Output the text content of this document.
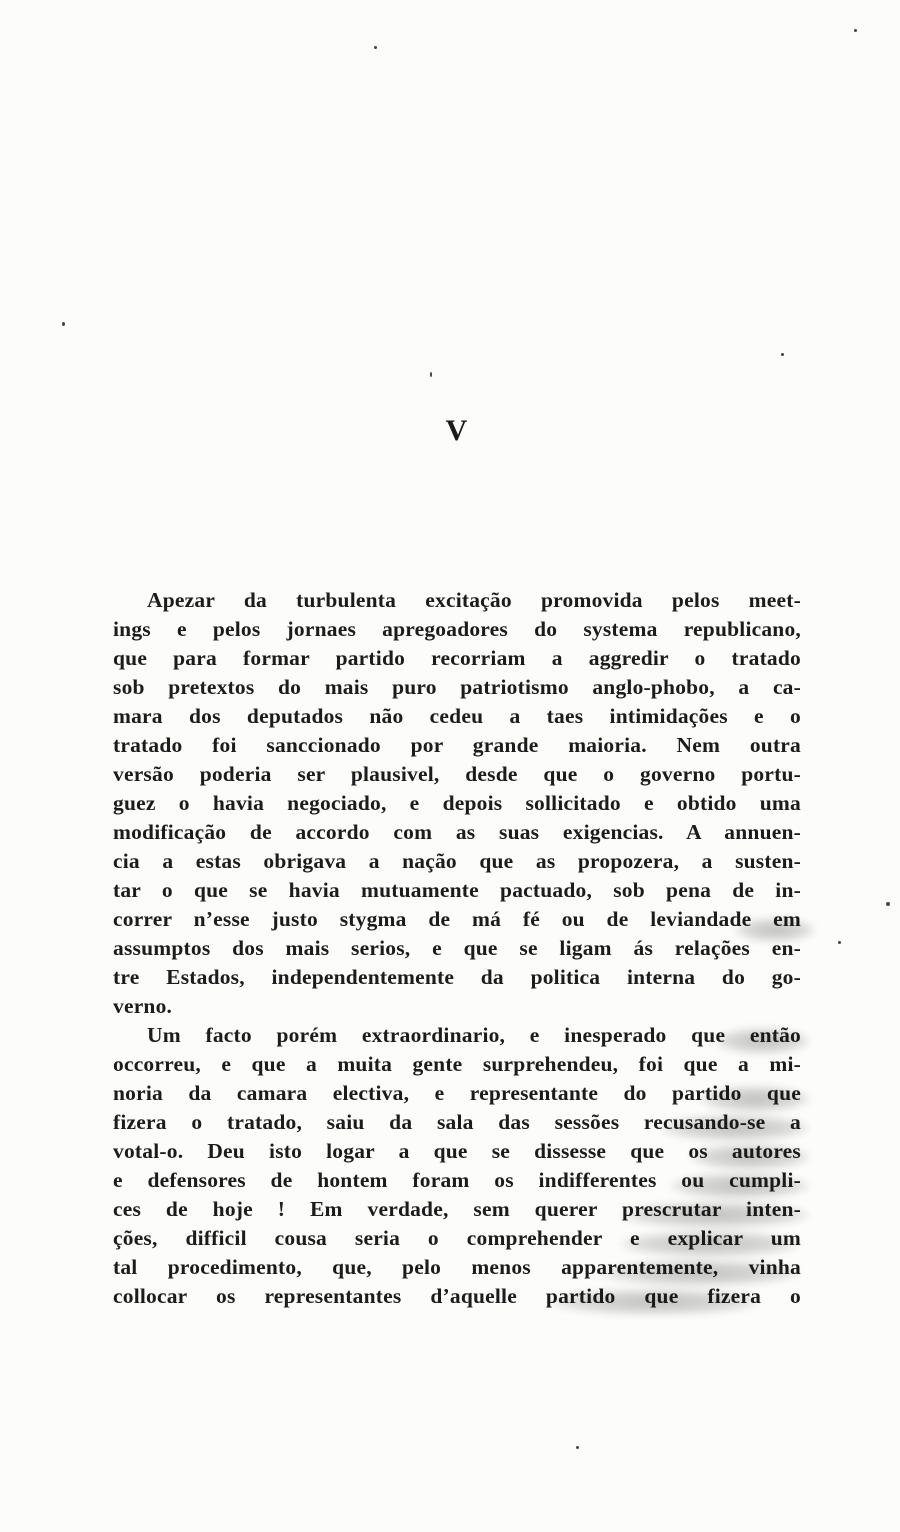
V
Apezar da turbulenta excitação promovida pelos meet-
ings e pelos jornaes apregoadores do systema republicano,
que para formar partido recorriam a aggredir o tratado
sob pretextos do mais puro patriotismo anglo-phobo, a ca-
mara dos deputados não cedeu a taes intimidações e o
tratado foi sanccionado por grande maioria. Nem outra
versão poderia ser plausivel, desde que o governo portu-
guez o havia negociado, e depois sollicitado e obtido uma
modificação de accordo com as suas exigencias. A annuen-
cia a estas obrigava a nação que as propozera, a susten-
tar o que se havia mutuamente pactuado, sob pena de in-
correr n’esse justo stygma de má fé ou de leviandade em
assumptos dos mais serios, e que se ligam ás relações en-
tre Estados, independentemente da politica interna do go-
verno.
Um facto porém extraordinario, e inesperado que então
occorreu, e que a muita gente surprehendeu, foi que a mi-
noria da camara electiva, e representante do partido que
fizera o tratado, saiu da sala das sessões recusando-se a
votal-o. Deu isto logar a que se dissesse que os autores
e defensores de hontem foram os indifferentes ou cumpli-
ces de hoje ! Em verdade, sem querer prescrutar inten-
ções, difficil cousa seria o comprehender e explicar um
tal procedimento, que, pelo menos apparentemente, vinha
collocar os representantes d’aquelle partido que fizera o
